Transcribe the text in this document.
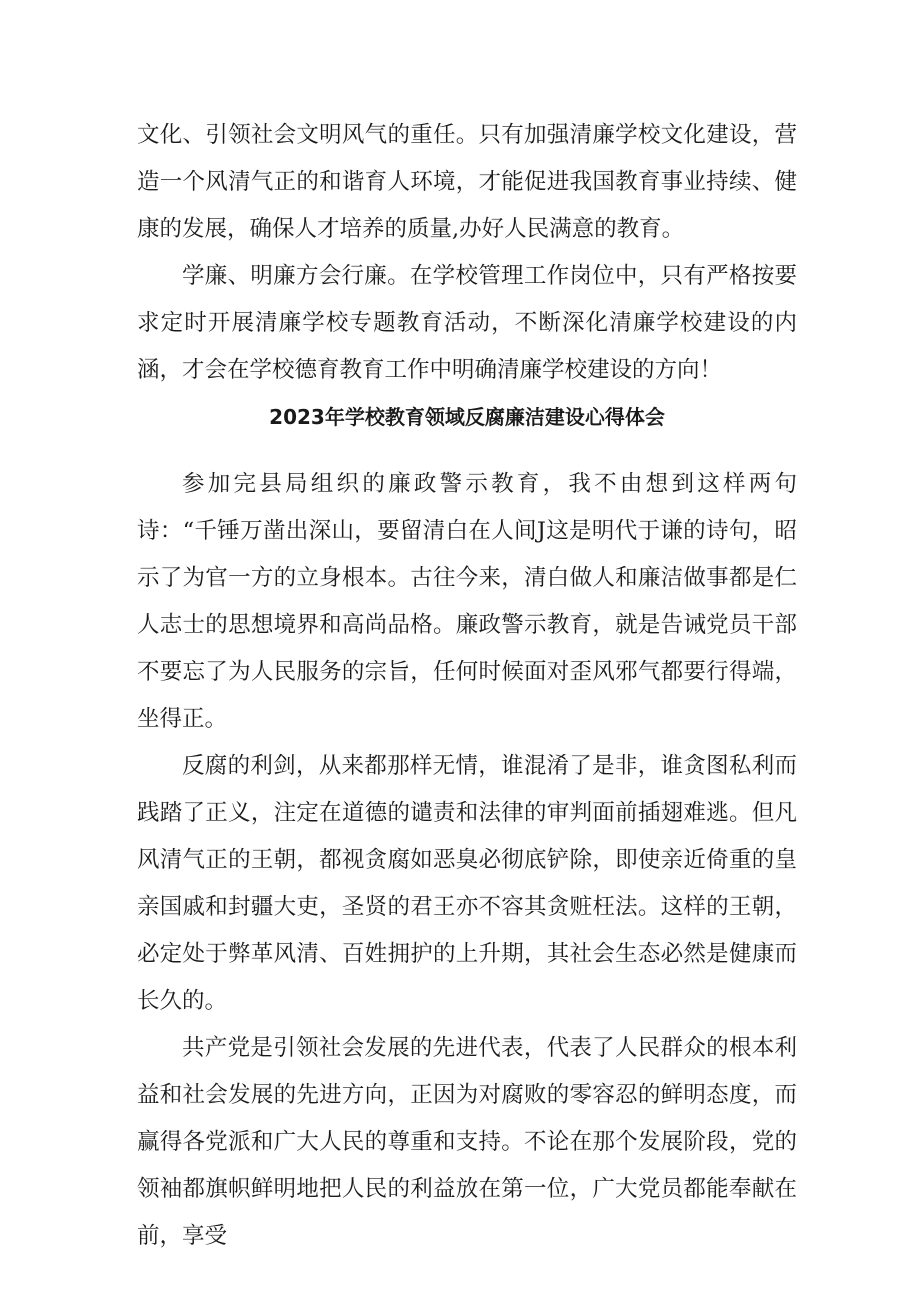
文化、引领社会文明风气的重任。只有加强清廉学校文化建设，营造一个风清气正的和谐育人环境，才能促进我国教育事业持续、健康的发展，确保人才培养的质量,办好人民满意的教育。

学廉、明廉方会行廉。在学校管理工作岗位中，只有严格按要求定时开展清廉学校专题教育活动，不断深化清廉学校建设的内涵，才会在学校德育教育工作中明确清廉学校建设的方向！

2023年学校教育领域反腐廉洁建设心得体会

参加完县局组织的廉政警示教育，我不由想到这样两句诗：“千锤万凿出深山，要留清白在人间J这是明代于谦的诗句，昭示了为官一方的立身根本。古往今来，清白做人和廉洁做事都是仁人志士的思想境界和高尚品格。廉政警示教育，就是告诫党员干部不要忘了为人民服务的宗旨，任何时候面对歪风邪气都要行得端，坐得正。

反腐的利剑，从来都那样无情，谁混淆了是非，谁贪图私利而践踏了正义，注定在道德的谴责和法律的审判面前插翅难逃。但凡风清气正的王朝，都视贪腐如恶臭必彻底铲除，即使亲近倚重的皇亲国戚和封疆大吏，圣贤的君王亦不容其贪赃枉法。这样的王朝，必定处于弊革风清、百姓拥护的上升期，其社会生态必然是健康而长久的。

共产党是引领社会发展的先进代表，代表了人民群众的根本利益和社会发展的先进方向，正因为对腐败的零容忍的鲜明态度，而赢得各党派和广大人民的尊重和支持。不论在那个发展阶段，党的领袖都旗帜鲜明地把人民的利益放在第一位，广大党员都能奉献在前，享受
